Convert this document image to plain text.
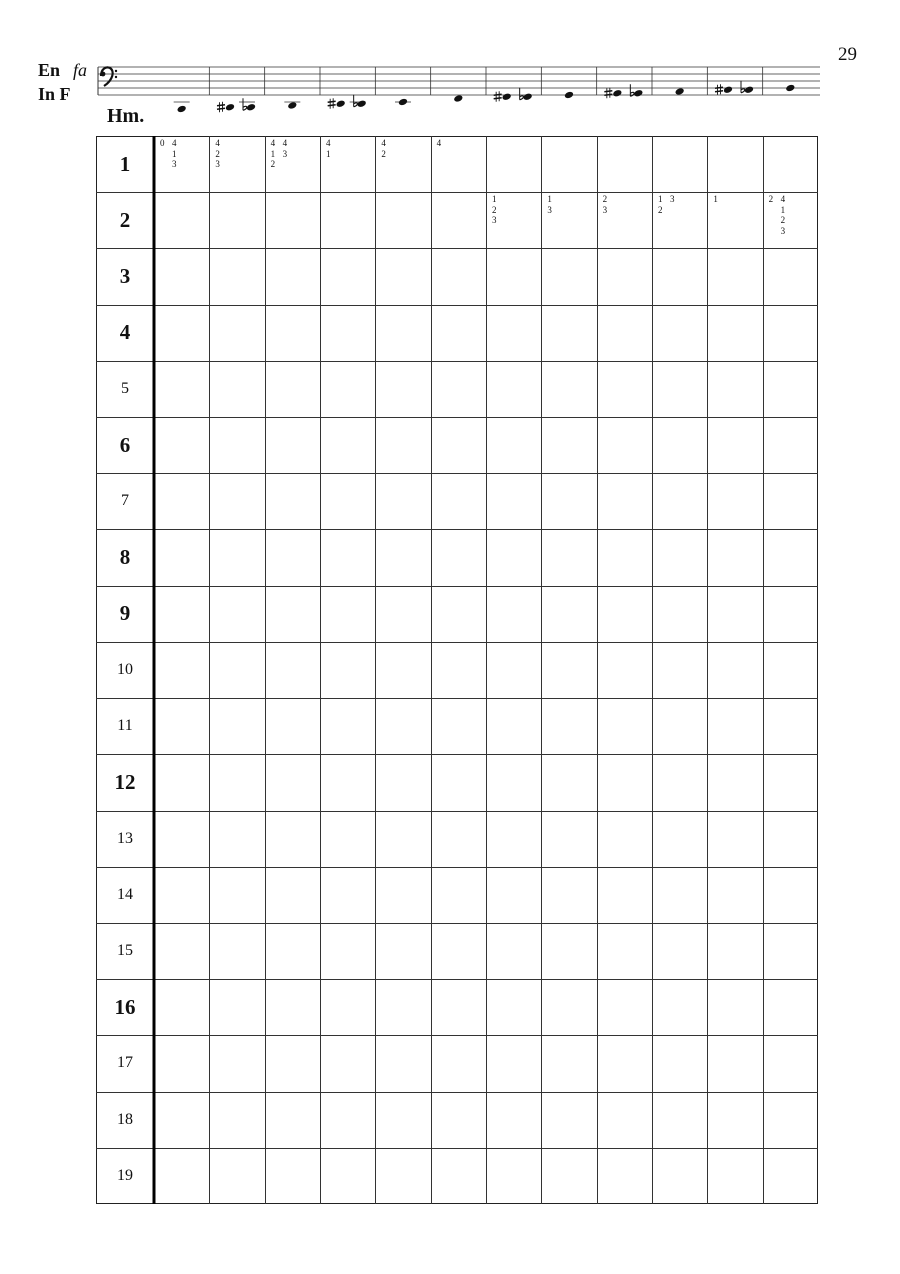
29
En fa
In F
Hm.
1
2
3
4
5
6
7
8
9
10
11
12
13
14
15
16
17
18
19
0 4
1
3
4
2
3
4
1
2
4
3
4
1
4
2
4
1
2
3
1
3
2
3
1
2
3	1	2 4
1
2
3
